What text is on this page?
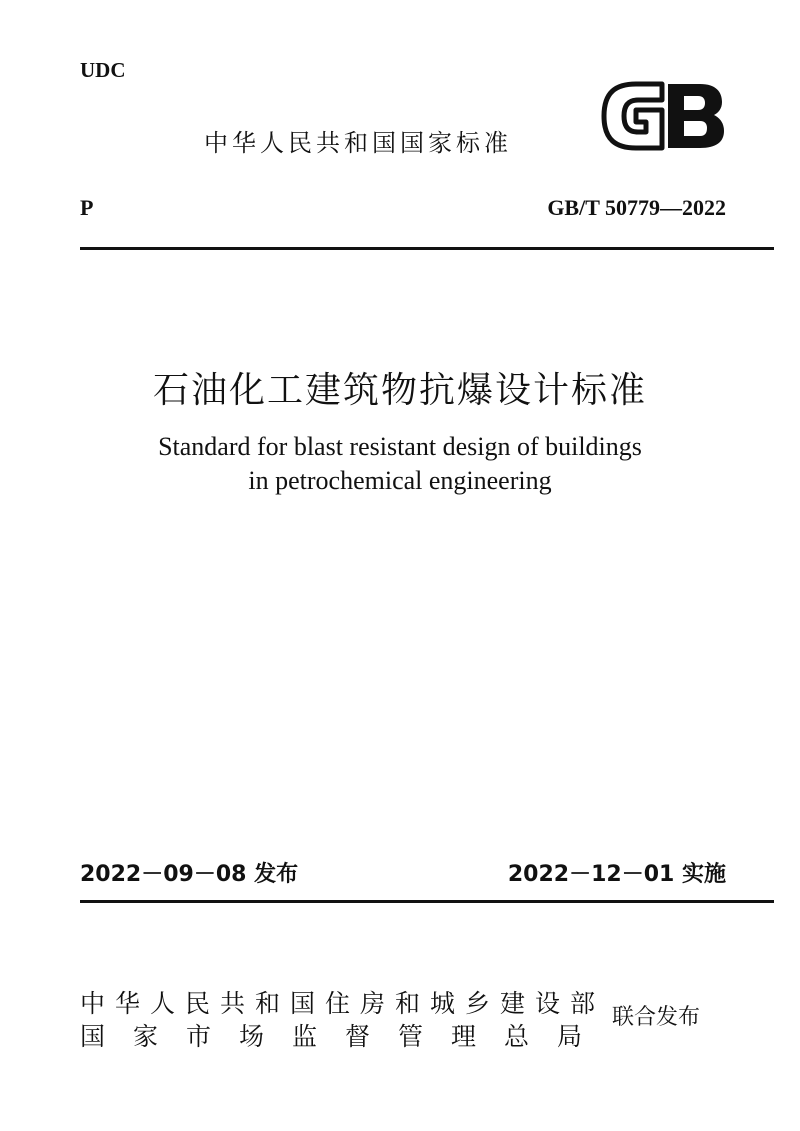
UDC
中华人民共和国国家标准
P	GB/T 50779—2022
石油化工建筑物抗爆设计标准
Standard for blast resistant design of buildings
in petrochemical engineering
2022－09－08 发布	2022－12－01 实施
中华人民共和国住房和城乡建设部
国家市场监督管理总局
联合发布
